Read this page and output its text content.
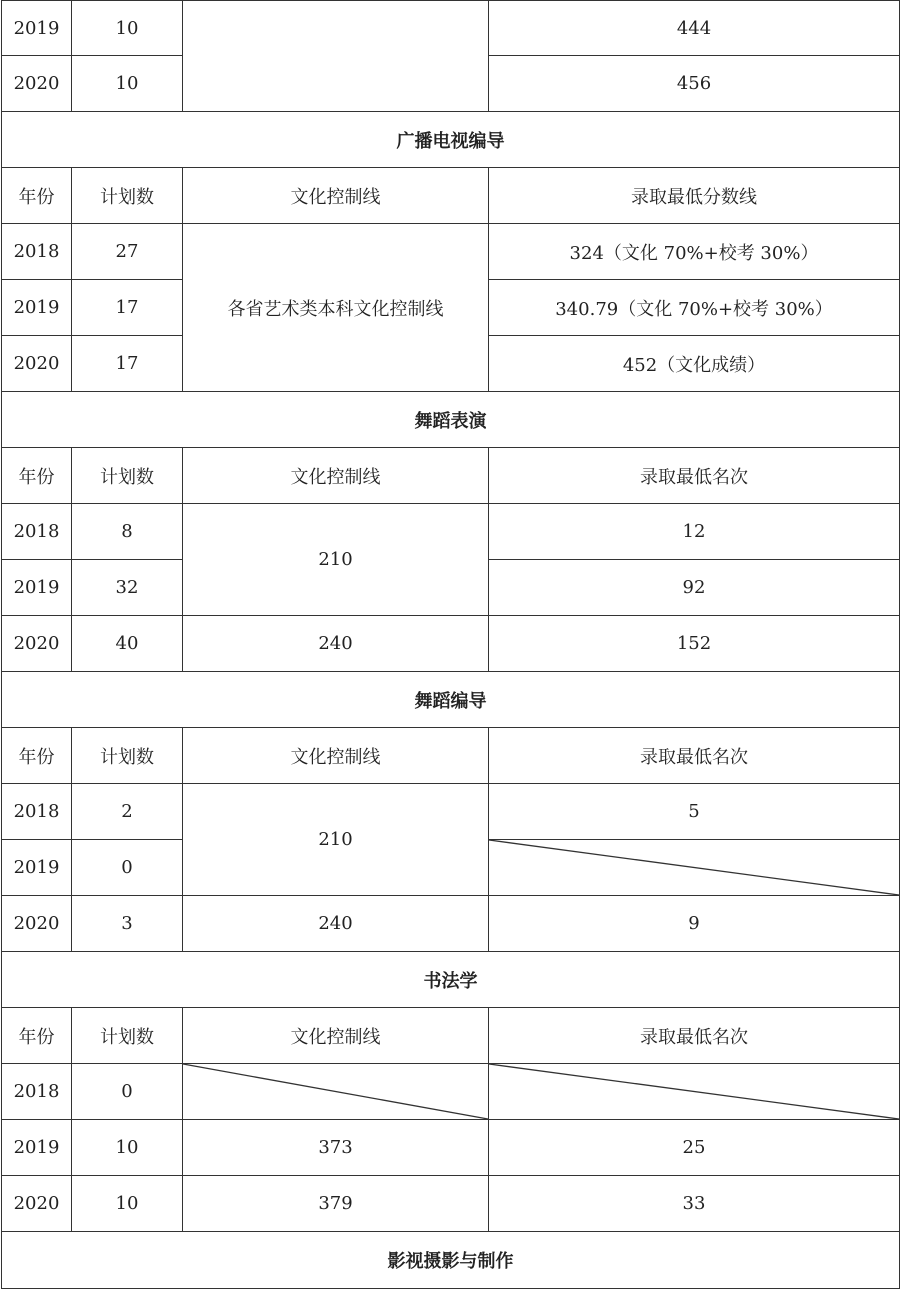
2019	10		444
2020	10		456
广播电视编导			
年份	计划数	文化控制线	录取最低分数线
2018	27	各省艺术类本科文化控制线	324（文化 70%+校考 30%）
2019	17		340.79（文化 70%+校考 30%）
2020	17		452（文化成绩）
舞蹈表演			
年份	计划数	文化控制线	录取最低名次
2018	8	210	12
2019	32		92
2020	40	240	152
舞蹈编导			
年份	计划数	文化控制线	录取最低名次
2018	2	210	5
2019	0	

2020	3	240	9
书法学			
年份	计划数	文化控制线	录取最低名次
2018	0	

2019	10	373	25
2020	10	379	33
影视摄影与制作			
